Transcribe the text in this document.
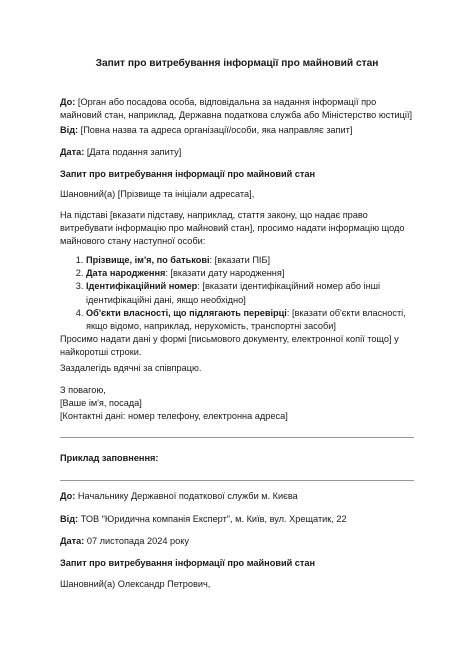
Запит про витребування інформації про майновий стан

До: [Орган або посадова особа, відповідальна за надання інформації про майновий стан, наприклад, Державна податкова служба або Міністерство юстиції]

Від: [Повна назва та адреса організації/особи, яка направляє запит]

Дата: [Дата подання запиту]

Запит про витребування інформації про майновий стан

Шановний(а) [Прізвище та ініціали адресата],

На підставі [вказати підставу, наприклад, стаття закону, що надає право витребувати інформацію про майновий стан], просимо надати інформацію щодо майнового стану наступної особи:

1. Прізвище, ім'я, по батькові: [вказати ПІБ]
2. Дата народження: [вказати дату народження]
3. Ідентифікаційний номер: [вказати ідентифікаційний номер або інші ідентифікаційні дані, якщо необхідно]
4. Об'єкти власності, що підлягають перевірці: [вказати об'єкти власності, якщо відомо, наприклад, нерухомість, транспортні засоби]

Просимо надати дані у формі [письмового документу, електронної копії тощо] у найкоротші строки.

Заздалегідь вдячні за співпрацю.

З повагою,
[Ваше ім'я, посада]
[Контактні дані: номер телефону, електронна адреса]

Приклад заповнення:

До: Начальнику Державної податкової служби м. Києва

Від: ТОВ "Юридична компанія Експерт", м. Київ, вул. Хрещатик, 22

Дата: 07 листопада 2024 року

Запит про витребування інформації про майновий стан

Шановний(а) Олександр Петрович,
